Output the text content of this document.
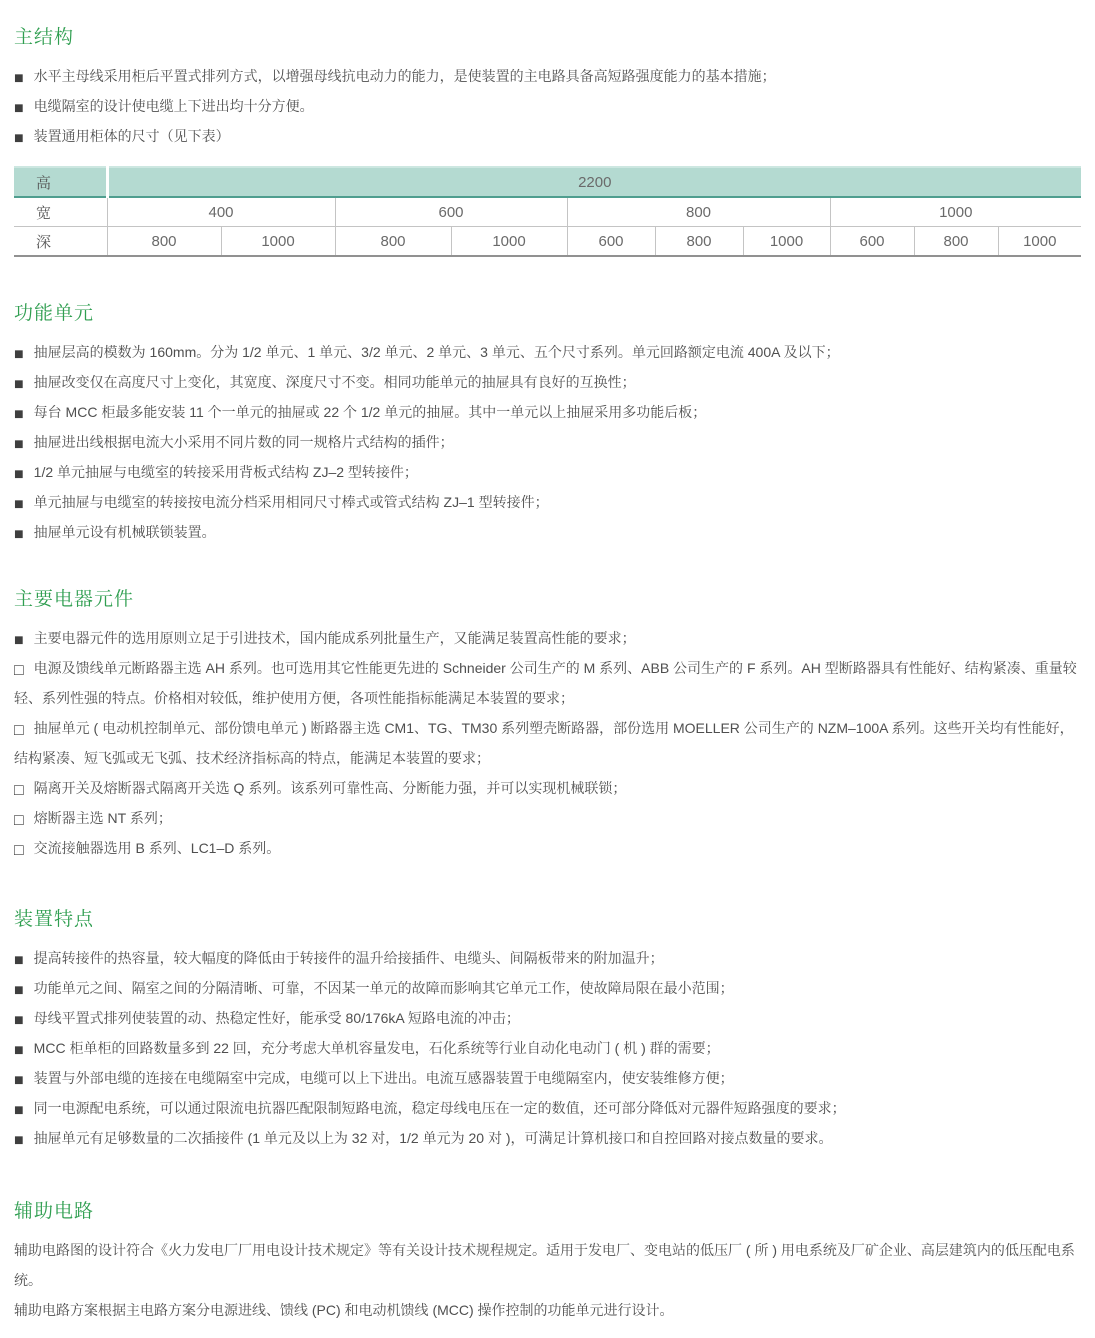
主结构

■ 水平主母线采用柜后平置式排列方式，以增强母线抗电动力的能力，是使装置的主电路具备高短路强度能力的基本措施；

■ 电缆隔室的设计使电缆上下进出均十分方便。

■ 装置通用柜体的尺寸（见下表）

高	2200									
宽	400		600		800			1000		
深	800	1000	800	1000	600	800	1000	600	800	1000
功能单元

■ 抽屉层高的模数为 160mm。分为 1/2 单元、1 单元、3/2 单元、2 单元、3 单元、五个尺寸系列。单元回路额定电流 400A 及以下；

■ 抽屉改变仅在高度尺寸上变化，其宽度、深度尺寸不变。相同功能单元的抽屉具有良好的互换性；

■ 每台 MCC 柜最多能安装 11 个一单元的抽屉或 22 个 1/2 单元的抽屉。其中一单元以上抽屉采用多功能后板；

■ 抽屉进出线根据电流大小采用不同片数的同一规格片式结构的插件；

■ 1/2 单元抽屉与电缆室的转接采用背板式结构 ZJ–2 型转接件；

■ 单元抽屉与电缆室的转接按电流分档采用相同尺寸棒式或管式结构 ZJ–1 型转接件；

■ 抽屉单元设有机械联锁装置。

主要电器元件

■ 主要电器元件的选用原则立足于引进技术，国内能成系列批量生产，又能满足装置高性能的要求；

□ 电源及馈线单元断路器主选 AH 系列。也可选用其它性能更先进的 Schneider 公司生产的 M 系列、ABB 公司生产的 F 系列。AH 型断路器具有性能好、结构紧凑、重量较轻、系列性强的特点。价格相对较低，维护使用方便，各项性能指标能满足本装置的要求；

□ 抽屉单元 ( 电动机控制单元、部份馈电单元 ) 断路器主选 CM1、TG、TM30 系列塑壳断路器，部份选用 MOELLER 公司生产的 NZM–100A 系列。这些开关均有性能好，结构紧凑、短飞弧或无飞弧、技术经济指标高的特点，能满足本装置的要求；

□ 隔离开关及熔断器式隔离开关选 Q 系列。该系列可靠性高、分断能力强，并可以实现机械联锁；

□ 熔断器主选 NT 系列；

□ 交流接触器选用 B 系列、LC1–D 系列。

装置特点

■ 提高转接件的热容量，较大幅度的降低由于转接件的温升给接插件、电缆头、间隔板带来的附加温升；

■ 功能单元之间、隔室之间的分隔清晰、可靠，不因某一单元的故障而影响其它单元工作，使故障局限在最小范围；

■ 母线平置式排列使装置的动、热稳定性好，能承受 80/176kA 短路电流的冲击；

■ MCC 柜单柜的回路数量多到 22 回，充分考虑大单机容量发电，石化系统等行业自动化电动门 ( 机 ) 群的需要；

■ 装置与外部电缆的连接在电缆隔室中完成，电缆可以上下进出。电流互感器装置于电缆隔室内，使安装维修方便；

■ 同一电源配电系统，可以通过限流电抗器匹配限制短路电流，稳定母线电压在一定的数值，还可部分降低对元器件短路强度的要求；

■ 抽屉单元有足够数量的二次插接件 (1 单元及以上为 32 对，1/2 单元为 20 对 )，可满足计算机接口和自控回路对接点数量的要求。

辅助电路

辅助电路图的设计符合《火力发电厂厂用电设计技术规定》等有关设计技术规程规定。适用于发电厂、变电站的低压厂 ( 所 ) 用电系统及厂矿企业、高层建筑内的低压配电系统。

辅助电路方案根据主电路方案分电源进线、馈线 (PC) 和电动机馈线 (MCC) 操作控制的功能单元进行设计。
